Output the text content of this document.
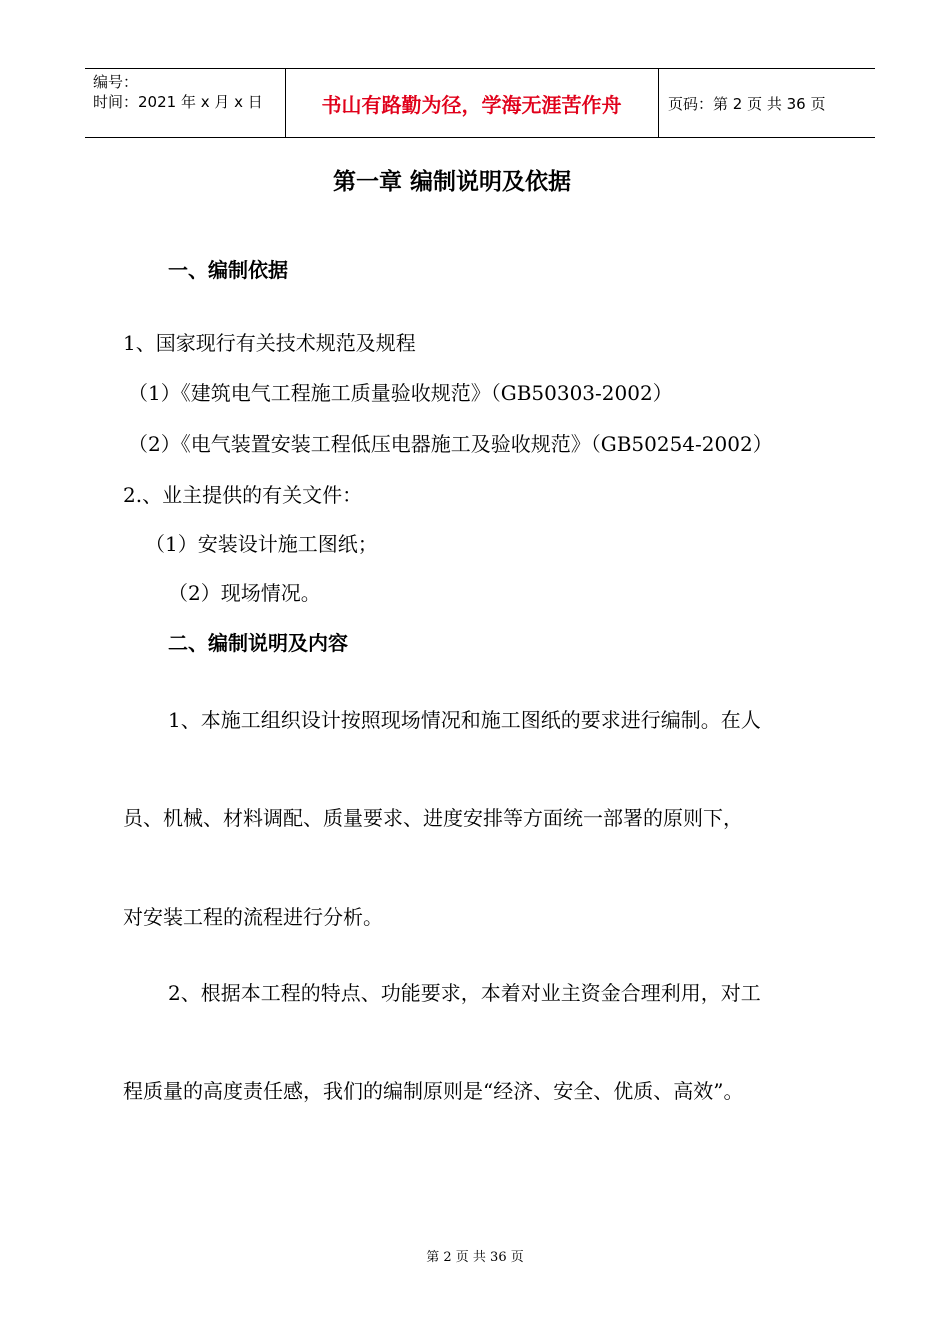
编号：
时间：2021 年 x 月 x 日	书山有路勤为径，学海无涯苦作舟	页码：第 2 页 共 36 页
第一章 编制说明及依据
一、编制依据
1、国家现行有关技术规范及规程
（1）《建筑电气工程施工质量验收规范》（GB50303-2002）
（2）《电气装置安装工程低压电器施工及验收规范》（GB50254-2002）
2.、业主提供的有关文件：
（1）安装设计施工图纸；
（2）现场情况。
二、编制说明及内容
1、本施工组织设计按照现场情况和施工图纸的要求进行编制。在人
员、机械、材料调配、质量要求、进度安排等方面统一部署的原则下，
对安装工程的流程进行分析。
2、根据本工程的特点、功能要求，本着对业主资金合理利用，对工
程质量的高度责任感，我们的编制原则是“经济、安全、优质、高效”。
第 2 页 共 36 页
